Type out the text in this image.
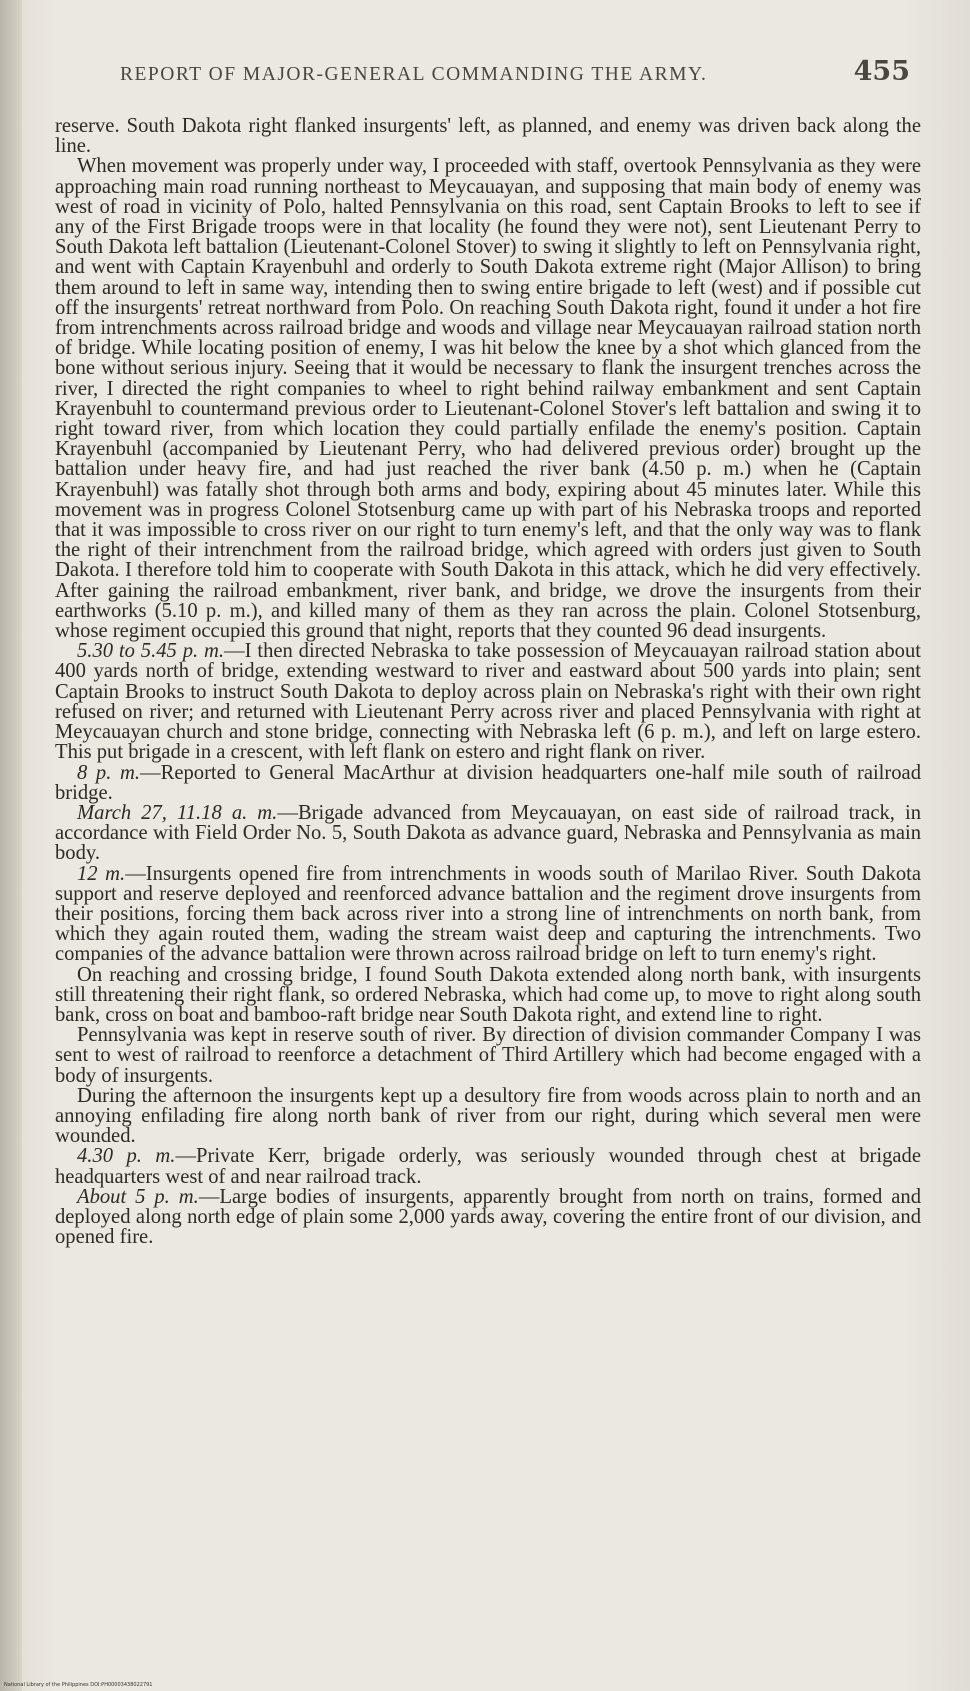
REPORT OF MAJOR-GENERAL COMMANDING THE ARMY.	455

reserve. South Dakota right flanked insurgents' left, as planned, and enemy was driven back along the line.

When movement was properly under way, I proceeded with staff, overtook Pennsylvania as they were approaching main road running northeast to Meycauayan, and supposing that main body of enemy was west of road in vicinity of Polo, halted Pennsylvania on this road, sent Captain Brooks to left to see if any of the First Brigade troops were in that locality (he found they were not), sent Lieutenant Perry to South Dakota left battalion (Lieutenant-Colonel Stover) to swing it slightly to left on Pennsylvania right, and went with Captain Krayenbuhl and orderly to South Dakota extreme right (Major Allison) to bring them around to left in same way, intending then to swing entire brigade to left (west) and if possible cut off the insurgents' retreat northward from Polo. On reaching South Dakota right, found it under a hot fire from intrenchments across railroad bridge and woods and village near Meycauayan railroad station north of bridge. While locating position of enemy, I was hit below the knee by a shot which glanced from the bone without serious injury. Seeing that it would be necessary to flank the insurgent trenches across the river, I directed the right companies to wheel to right behind railway embankment and sent Captain Krayenbuhl to countermand previous order to Lieutenant-Colonel Stover's left battalion and swing it to right toward river, from which location they could partially enfilade the enemy's position. Captain Krayenbuhl (accompanied by Lieutenant Perry, who had delivered previous order) brought up the battalion under heavy fire, and had just reached the river bank (4.50 p. m.) when he (Captain Krayenbuhl) was fatally shot through both arms and body, expiring about 45 minutes later. While this movement was in progress Colonel Stotsenburg came up with part of his Nebraska troops and reported that it was impossible to cross river on our right to turn enemy's left, and that the only way was to flank the right of their intrenchment from the railroad bridge, which agreed with orders just given to South Dakota. I therefore told him to cooperate with South Dakota in this attack, which he did very effectively. After gaining the railroad embankment, river bank, and bridge, we drove the insurgents from their earthworks (5.10 p. m.), and killed many of them as they ran across the plain. Colonel Stotsenburg, whose regiment occupied this ground that night, reports that they counted 96 dead insurgents.

5.30 to 5.45 p. m.—I then directed Nebraska to take possession of Meycauayan railroad station about 400 yards north of bridge, extending westward to river and eastward about 500 yards into plain; sent Captain Brooks to instruct South Dakota to deploy across plain on Nebraska's right with their own right refused on river; and returned with Lieutenant Perry across river and placed Pennsylvania with right at Meycauayan church and stone bridge, connecting with Nebraska left (6 p. m.), and left on large estero. This put brigade in a crescent, with left flank on estero and right flank on river.

8 p. m.—Reported to General MacArthur at division headquarters one-half mile south of railroad bridge.

March 27, 11.18 a. m.—Brigade advanced from Meycauayan, on east side of railroad track, in accordance with Field Order No. 5, South Dakota as advance guard, Nebraska and Pennsylvania as main body.

12 m.—Insurgents opened fire from intrenchments in woods south of Marilao River. South Dakota support and reserve deployed and reenforced advance battalion and the regiment drove insurgents from their positions, forcing them back across river into a strong line of intrenchments on north bank, from which they again routed them, wading the stream waist deep and capturing the intrenchments. Two companies of the advance battalion were thrown across railroad bridge on left to turn enemy's right.

On reaching and crossing bridge, I found South Dakota extended along north bank, with insurgents still threatening their right flank, so ordered Nebraska, which had come up, to move to right along south bank, cross on boat and bamboo-raft bridge near South Dakota right, and extend line to right.

Pennsylvania was kept in reserve south of river. By direction of division commander Company I was sent to west of railroad to reenforce a detachment of Third Artillery which had become engaged with a body of insurgents.

During the afternoon the insurgents kept up a desultory fire from woods across plain to north and an annoying enfilading fire along north bank of river from our right, during which several men were wounded.

4.30 p. m.—Private Kerr, brigade orderly, was seriously wounded through chest at brigade headquarters west of and near railroad track.

About 5 p. m.—Large bodies of insurgents, apparently brought from north on trains, formed and deployed along north edge of plain some 2,000 yards away, covering the entire front of our division, and opened fire.

National Library of the Philippines DOI:PH00003438022791
